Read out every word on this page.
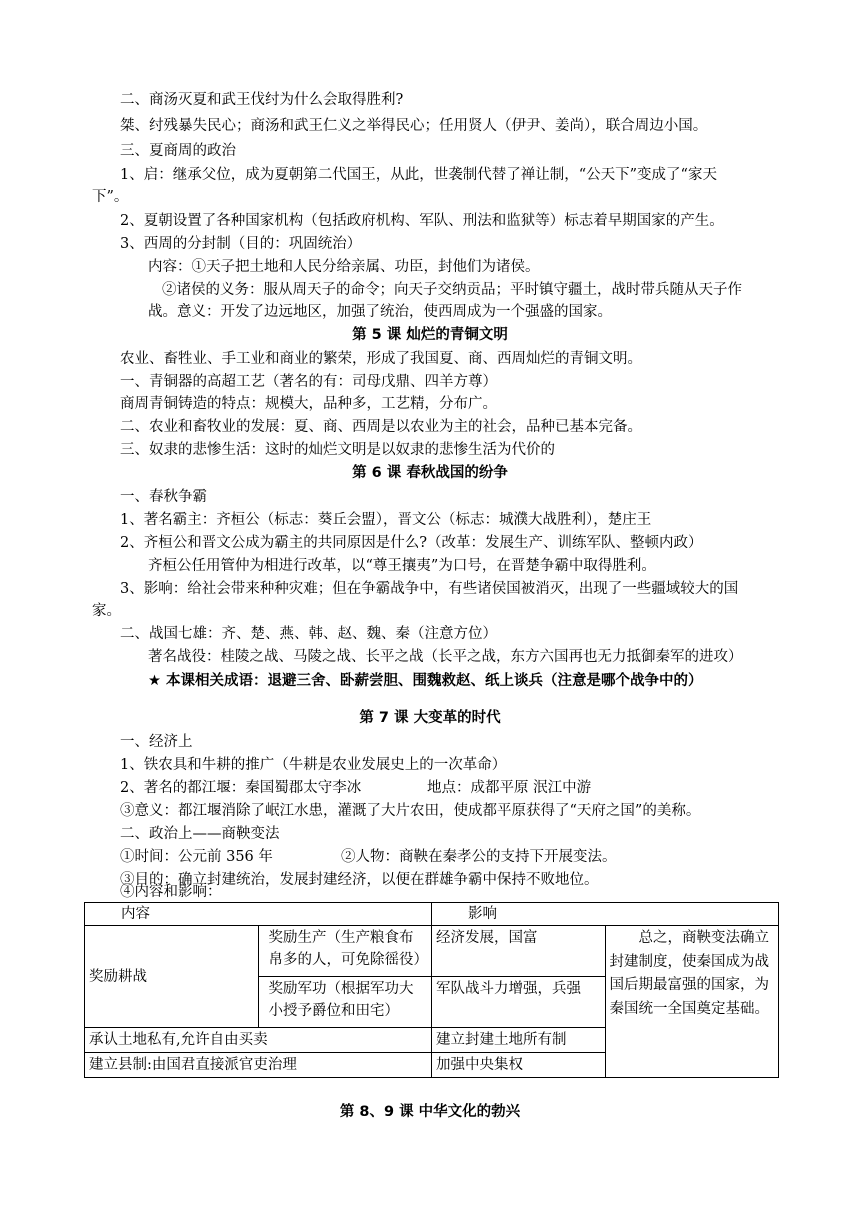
二、商汤灭夏和武王伐纣为什么会取得胜利?
桀、纣残暴失民心；商汤和武王仁义之举得民心；任用贤人（伊尹、姜尚），联合周边小国。
三、夏商周的政治
1、启：继承父位，成为夏朝第二代国王，从此，世袭制代替了禅让制，“公天下”变成了“家天
下”。
2、夏朝设置了各种国家机构（包括政府机构、军队、刑法和监狱等）标志着早期国家的产生。
3、西周的分封制（目的：巩固统治）
内容：①天子把土地和人民分给亲属、功臣，封他们为诸侯。
②诸侯的义务：服从周天子的命令；向天子交纳贡品；平时镇守疆土，战时带兵随从天子作
战。意义：开发了边远地区，加强了统治，使西周成为一个强盛的国家。
第 5 课 灿烂的青铜文明
农业、畜牲业、手工业和商业的繁荣，形成了我国夏、商、西周灿烂的青铜文明。
一、青铜器的高超工艺（著名的有：司母戊鼎、四羊方尊）
商周青铜铸造的特点：规模大，品种多，工艺精，分布广。
二、农业和畜牧业的发展：夏、商、西周是以农业为主的社会，品种已基本完备。
三、奴隶的悲惨生活：这时的灿烂文明是以奴隶的悲惨生活为代价的
第 6 课 春秋战国的纷争
一、春秋争霸
1、著名霸主：齐桓公（标志：葵丘会盟），晋文公（标志：城濮大战胜利），楚庄王
2、齐桓公和晋文公成为霸主的共同原因是什么?（改革：发展生产、训练军队、整顿内政）
齐桓公任用管仲为相进行改革，以“尊王攘夷”为口号，在晋楚争霸中取得胜利。
3、影响：给社会带来种种灾难；但在争霸战争中，有些诸侯国被消灭，出现了一些疆域较大的国
家。
二、战国七雄：齐、楚、燕、韩、赵、魏、秦（注意方位）
著名战役：桂陵之战、马陵之战、长平之战（长平之战，东方六国再也无力抵御秦军的进攻）
★ 本课相关成语：退避三舍、卧薪尝胆、围魏救赵、纸上谈兵（注意是哪个战争中的）
第 7 课 大变革的时代
一、经济上
1、铁农具和牛耕的推广（牛耕是农业发展史上的一次革命）
2、著名的都江堰：秦国蜀郡太守李冰	地点：成都平原 泯江中游
③意义：都江堰消除了岷江水患，灌溉了大片农田，使成都平原获得了“天府之国”的美称。
二、政治上——商鞅变法
①时间：公元前 356 年	②人物：商鞅在秦孝公的支持下开展变法。
③目的：确立封建统治，发展封建经济，以便在群雄争霸中保持不败地位。
④内容和影响：
内容		影响	
奖励耕战	奖励生产（生产粮食布帛多的人，可免除徭役）	经济发展，国富	总之，商鞅变法确立封建制度，使秦国成为战国后期最富强的国家，为秦国统一全国奠定基础。
	奖励军功（根据军功大小授予爵位和田宅）	军队战斗力增强，兵强	
承认土地私有,允许自由买卖		建立封建土地所有制	
建立县制:由国君直接派官吏治理		加强中央集权	
第 8、9 课 中华文化的勃兴
